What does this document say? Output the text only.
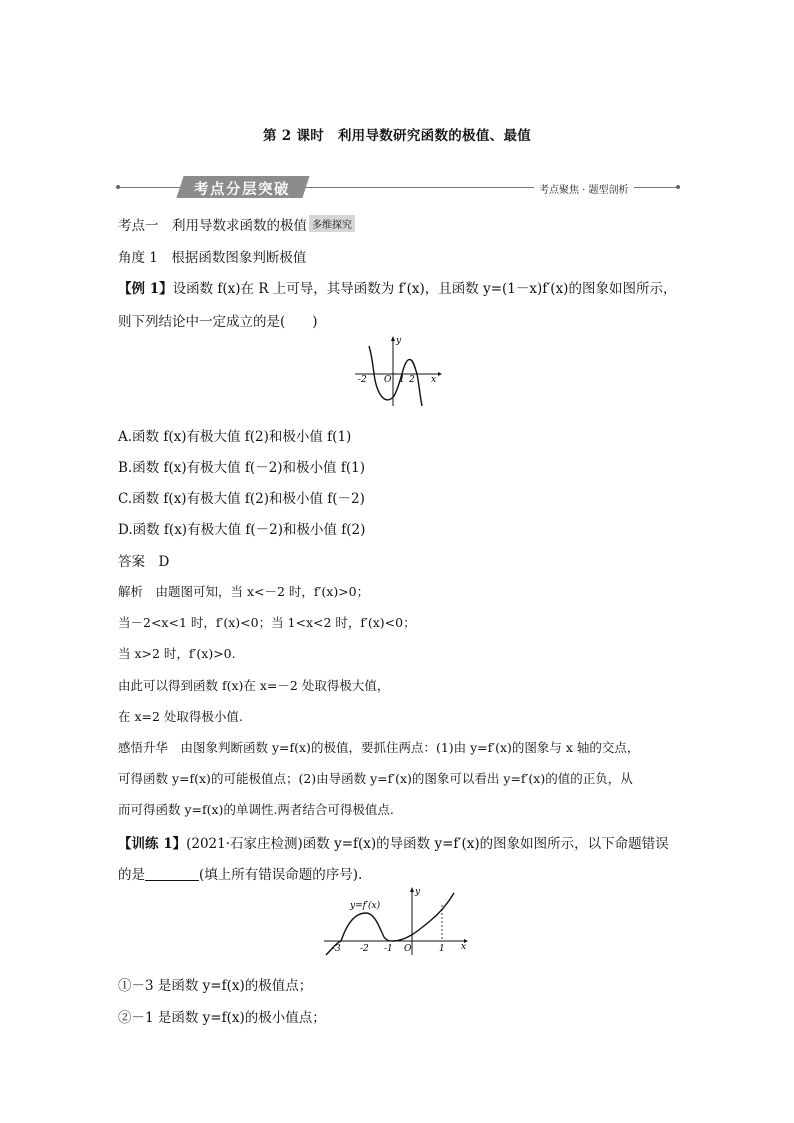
第 2 课时　利用导数研究函数的极值、最值
考点分层突破	考点聚焦 · 题型剖析
考点一　利用导数求函数的极值 多维探究
角度 1　根据函数图象判断极值
【例 1】设函数 f(x)在 R 上可导，其导函数为 f′(x)，且函数 y=(1－x)f′(x)的图象如图所示，
则下列结论中一定成立的是(　　)
-2 O 1 2 x
y
A.函数 f(x)有极大值 f(2)和极小值 f(1)
B.函数 f(x)有极大值 f(－2)和极小值 f(1)
C.函数 f(x)有极大值 f(2)和极小值 f(－2)
D.函数 f(x)有极大值 f(－2)和极小值 f(2)
答案　D
解析　由题图可知，当 x<－2 时，f′(x)>0；
当－2<x<1 时，f′(x)<0；当 1<x<2 时，f′(x)<0；
当 x>2 时，f′(x)>0.
由此可以得到函数 f(x)在 x=－2 处取得极大值，
在 x=2 处取得极小值.
感悟升华　由图象判断函数 y=f(x)的极值，要抓住两点：(1)由 y=f′(x)的图象与 x 轴的交点，
可得函数 y=f(x)的可能极值点；(2)由导函数 y=f′(x)的图象可以看出 y=f′(x)的值的正负，从
而可得函数 y=f(x)的单调性.两者结合可得极值点.
【训练 1】(2021·石家庄检测)函数 y=f(x)的导函数 y=f′(x)的图象如图所示，以下命题错误
的是	(填上所有错误命题的序号).
y=f′(x)
-3 -2 -1 O	1 x
y
①－3 是函数 y=f(x)的极值点；
②－1 是函数 y=f(x)的极小值点；
